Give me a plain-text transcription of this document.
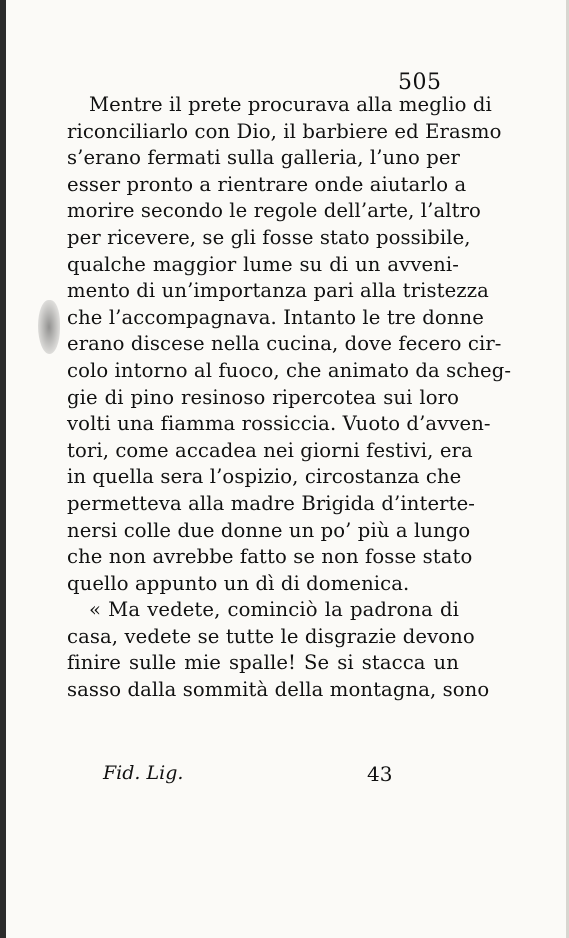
505
Mentre il prete procurava alla meglio di
riconciliarlo con Dio, il barbiere ed Erasmo
s’erano fermati sulla galleria, l’uno per
esser pronto a rientrare onde aiutarlo a
morire secondo le regole dell’arte, l’altro
per ricevere, se gli fosse stato possibile,
qualche maggior lume su di un avveni-
mento di un’importanza pari alla tristezza
che l’accompagnava. Intanto le tre donne
erano discese nella cucina, dove fecero cir-
colo intorno al fuoco, che animato da scheg-
gie di pino resinoso ripercotea sui loro
volti una fiamma rossiccia. Vuoto d’avven-
tori, come accadea nei giorni festivi, era
in quella sera l’ospizio, circostanza che
permetteva alla madre Brigida d’interte-
nersi colle due donne un po’ più a lungo
che non avrebbe fatto se non fosse stato
quello appunto un dì di domenica.
« Ma vedete, cominciò la padrona di
casa, vedete se tutte le disgrazie devono
finire sulle mie spalle! Se si stacca un
sasso dalla sommità della montagna, sono
Fid. Lig.	43
